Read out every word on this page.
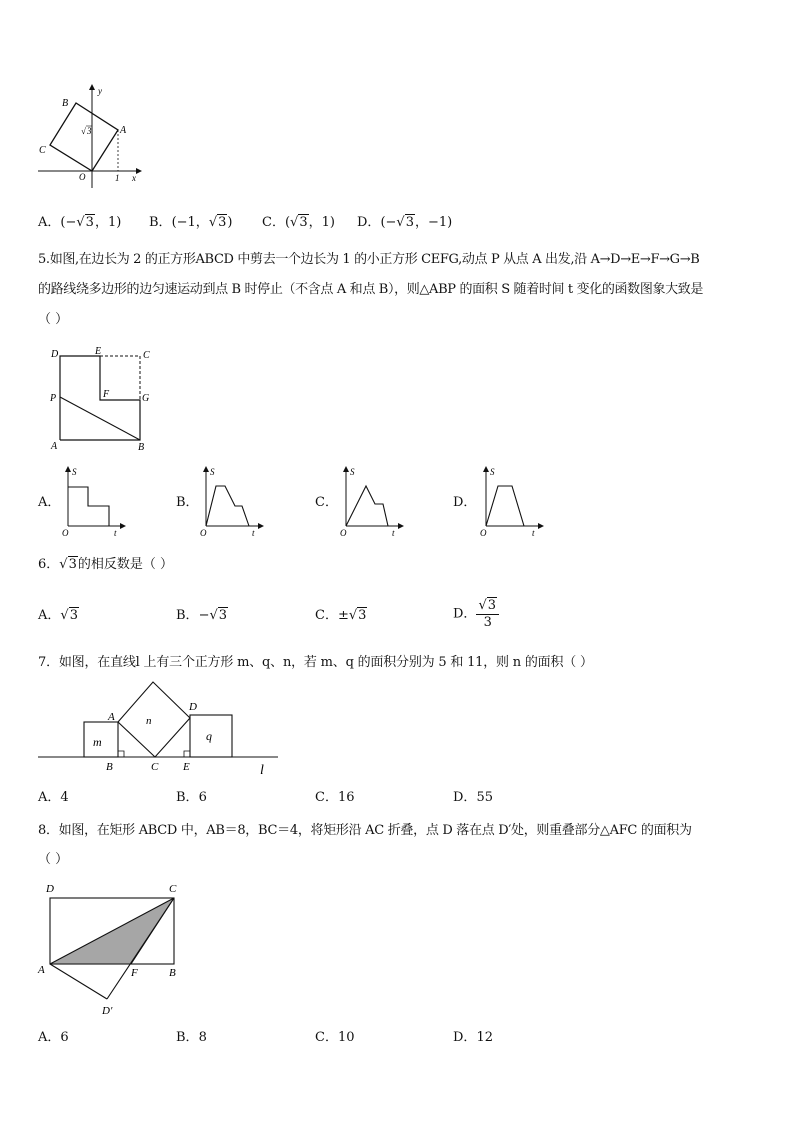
y
B
A
C
O	1 x
√ 3
A．(−√3，1) B．(−1，√3) C．(√3，1) D．(−√3，−1)
5.如图,在边长为 2 的正方形ABCD 中剪去一个边长为 1 的小正方形 CEFG,动点 P 从点 A 出发,沿 A→D→E→F→G→B
的路线绕多边形的边匀速运动到点 B 时停止（不含点 A 和点 B），则△ABP 的面积 S 随着时间 t 变化的函数图象大致是
（ ）
D	E	C
P	F	G
A	B
A．
S
O	t
B．
S
O	t
C．
S
O	t
D．
S
O	t
6．√3的相反数是（ ）
A．√3	B．−√3	C．±√3	D． $\frac{√3}{3}$
7．如图，在直线l 上有三个正方形 m、q、n，若 m、q 的面积分别为 5 和 11，则 n 的面积（ ）
A
D
n
m	q
B	C E	l
A．4	B．6	C．16	D．55
8．如图，在矩形 ABCD 中，AB＝8，BC＝4，将矩形沿 AC 折叠，点 D 落在点 D′处，则重叠部分△AFC 的面积为
（ ）
D	C
A	F	B
D′
A．6	B．8	C．10	D．12
